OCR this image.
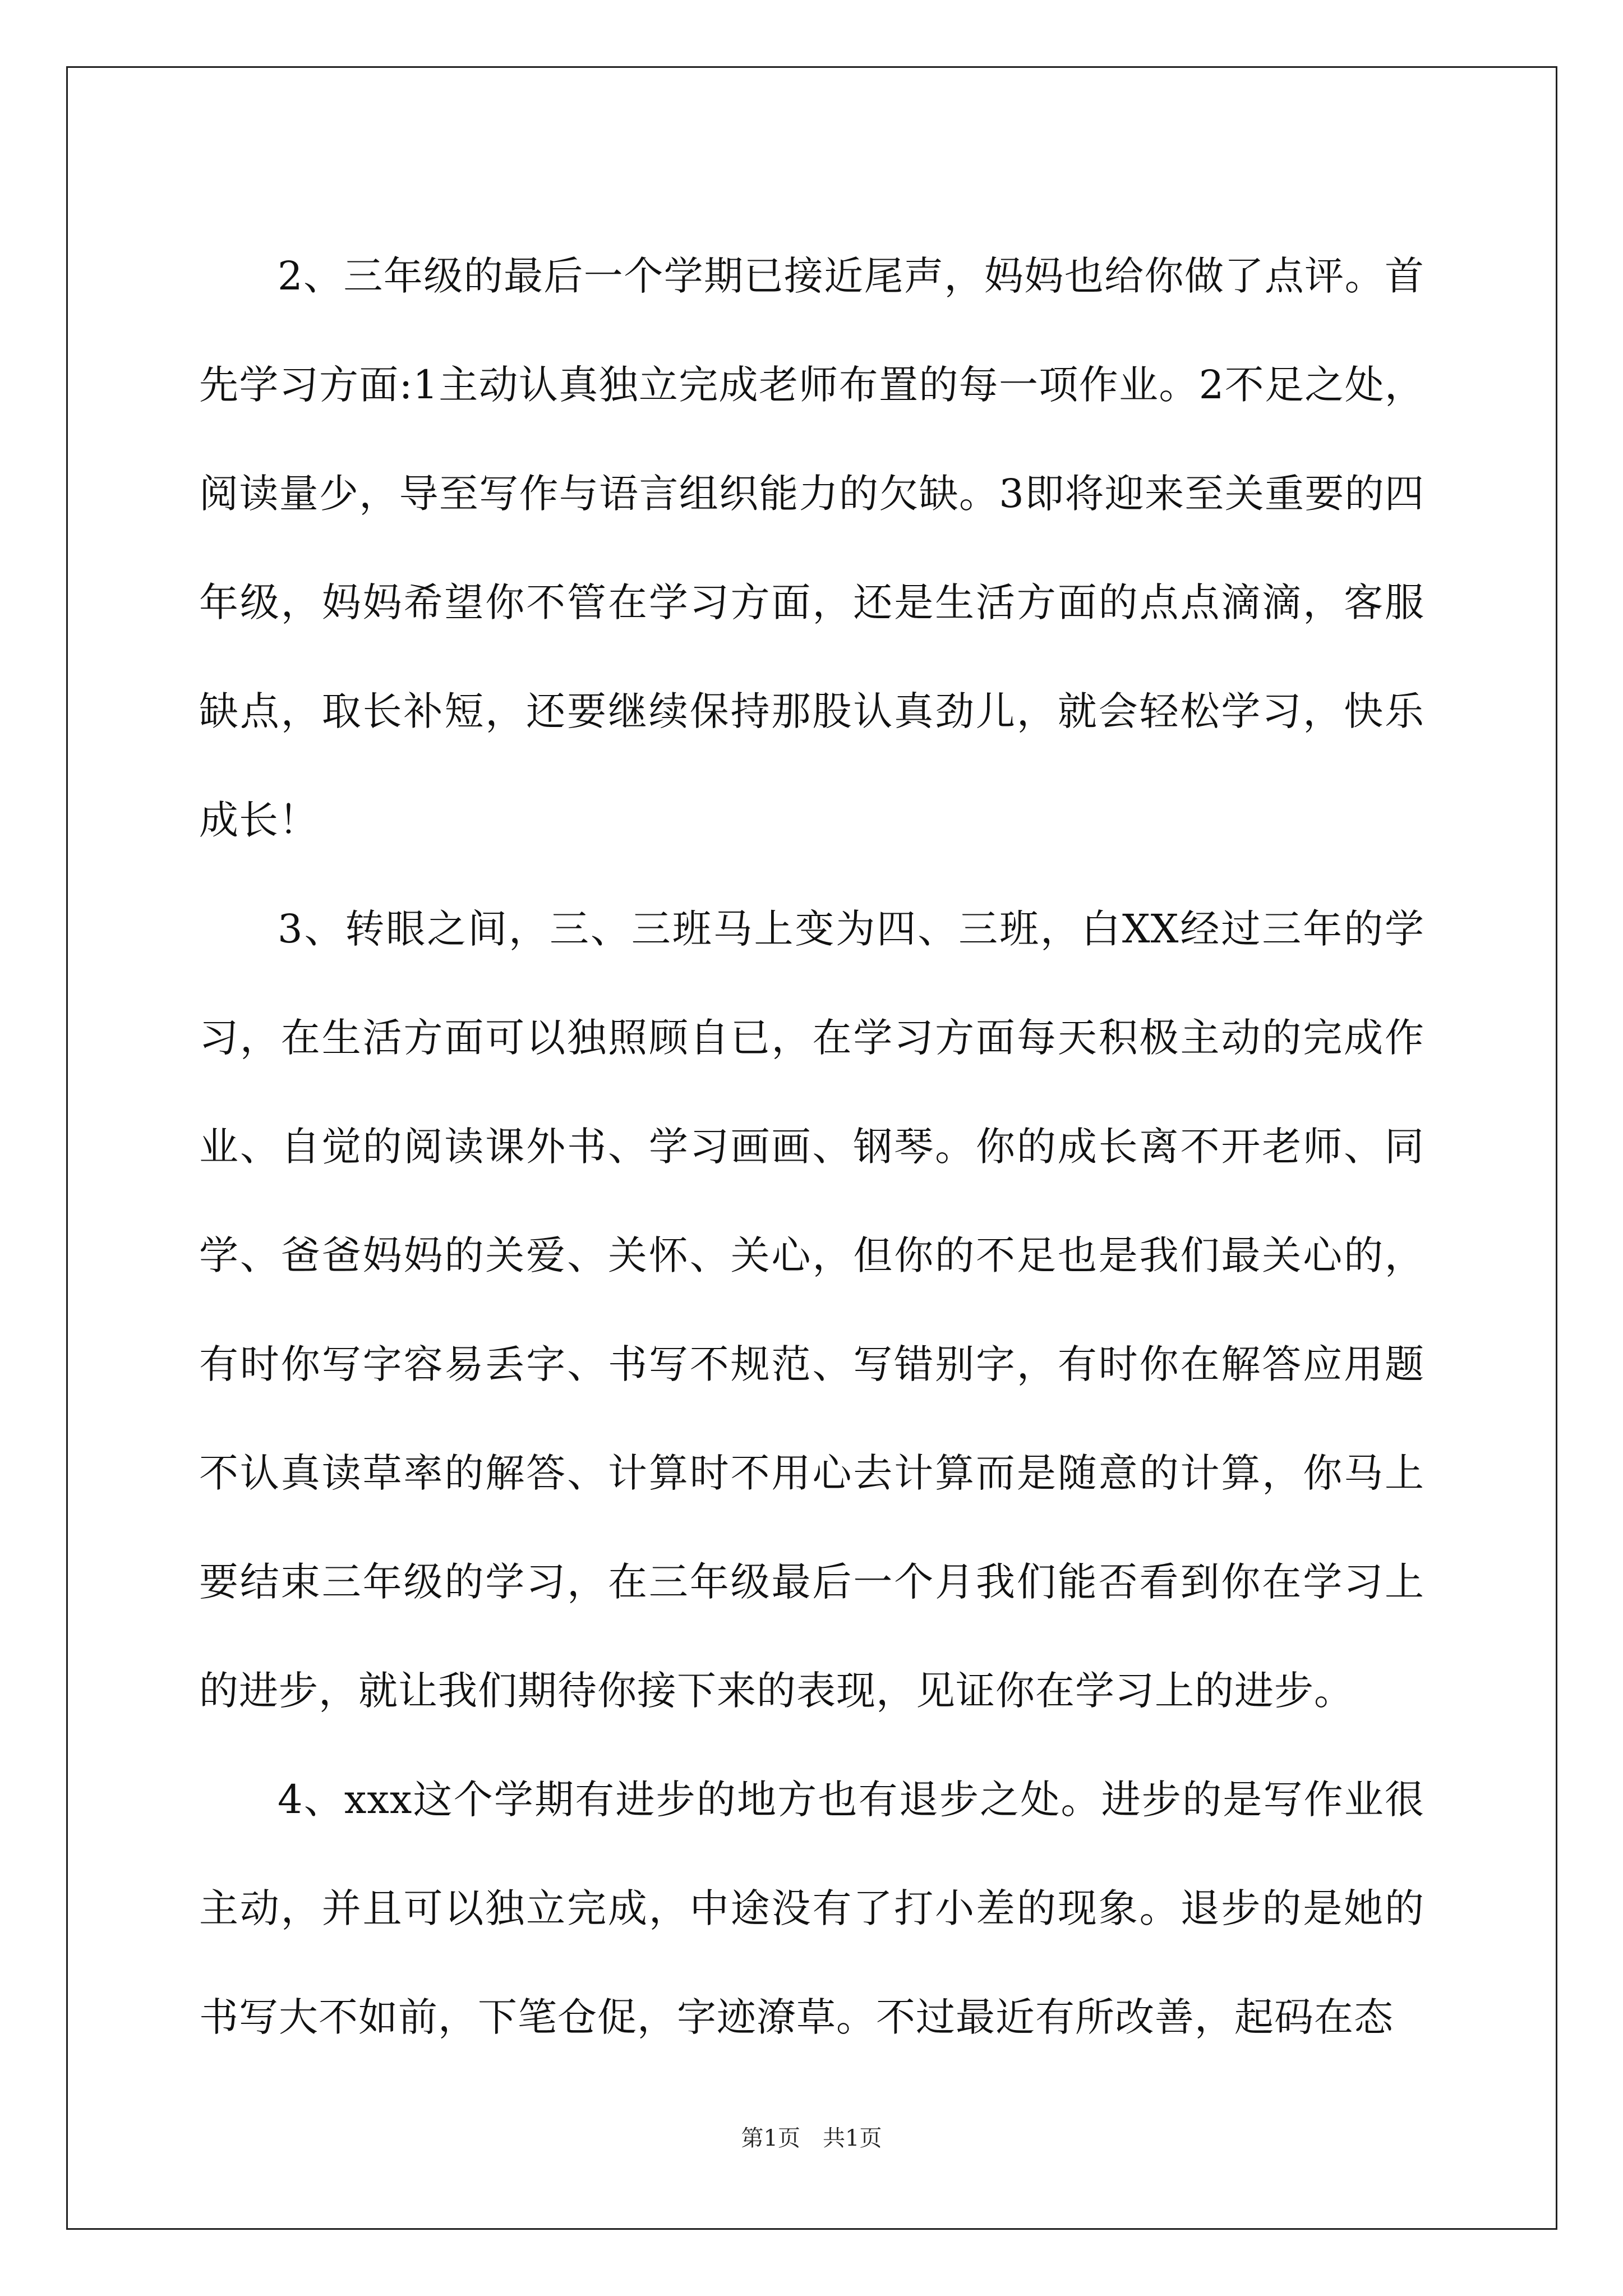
2、三年级的最后一个学期已接近尾声，妈妈也给你做了点评。首先学习方面:1主动认真独立完成老师布置的每一项作业。2不足之处，阅读量少，导至写作与语言组织能力的欠缺。3即将迎来至关重要的四年级，妈妈希望你不管在学习方面，还是生活方面的点点滴滴，客服缺点，取长补短，还要继续保持那股认真劲儿，就会轻松学习，快乐成长！

3、转眼之间，三、三班马上变为四、三班，白XX经过三年的学习，在生活方面可以独照顾自已，在学习方面每天积极主动的完成作业、自觉的阅读课外书、学习画画、钢琴。你的成长离不开老师、同学、爸爸妈妈的关爱、关怀、关心，但你的不足也是我们最关心的，有时你写字容易丢字、书写不规范、写错别字，有时你在解答应用题不认真读草率的解答、计算时不用心去计算而是随意的计算，你马上要结束三年级的学习，在三年级最后一个月我们能否看到你在学习上的进步，就让我们期待你接下来的表现，见证你在学习上的进步。

4、xxx这个学期有进步的地方也有退步之处。进步的是写作业很主动，并且可以独立完成，中途没有了打小差的现象。退步的是她的书写大不如前，下笔仓促，字迹潦草。不过最近有所改善，起码在态

第1页　共1页
